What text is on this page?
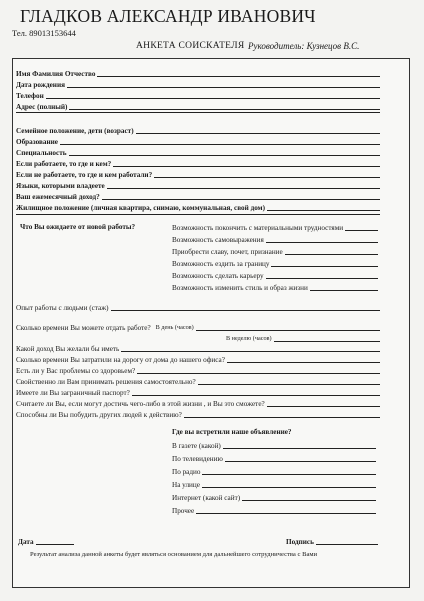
ГЛАДКОВ АЛЕКСАНДР ИВАНОВИЧ
Тел. 89013153644
АНКЕТА СОИСКАТЕЛЯ Руководитель: Кузнецов В.С.
Имя Фамилия Отчество
Дата рождения
Телефон
Адрес (полный)
Семейное положение, дети (возраст)
Образование
Специальность
Если работаете, то где и кем?
Если не работаете, то где и кем работали?
Языки, которыми владеете
Ваш ежемесячный доход?
Жилищное положение (личная квартира, снимаю, коммунальная, свой дом)
Что Вы ожидаете от новой работы?	Возможность покончить с материальными трудностями
Возможность самовыражения
Приобрести славу, почет, признание
Возможность ездить за границу
Возможность сделать карьеру
Возможность изменить стиль и образ жизни
Опыт работы с людьми (стаж)
Сколько времени Вы можете отдать работе? В день (часов)
В неделю (часов)
Какой доход Вы желали бы иметь
Сколько времени Вы затратили на дорогу от дома до нашего офиса?
Есть ли у Вас проблемы со здоровьем?
Свойственно ли Вам принимать решения самостоятельно?
Имеете ли Вы заграничный паспорт?
Считаете ли Вы, если могут достичь чего-либо в этой жизни , и Вы это сможете?
Способны ли Вы побудить других людей к действию?
Где вы встретили наше объявление?
В газете (какой)
По телевидению
По радио
На улице
Интернет (какой сайт)
Прочее
Дата	Подпись
Результат анализа данной анкеты будет являться основанием для дальнейшего сотрудничества с Вами
